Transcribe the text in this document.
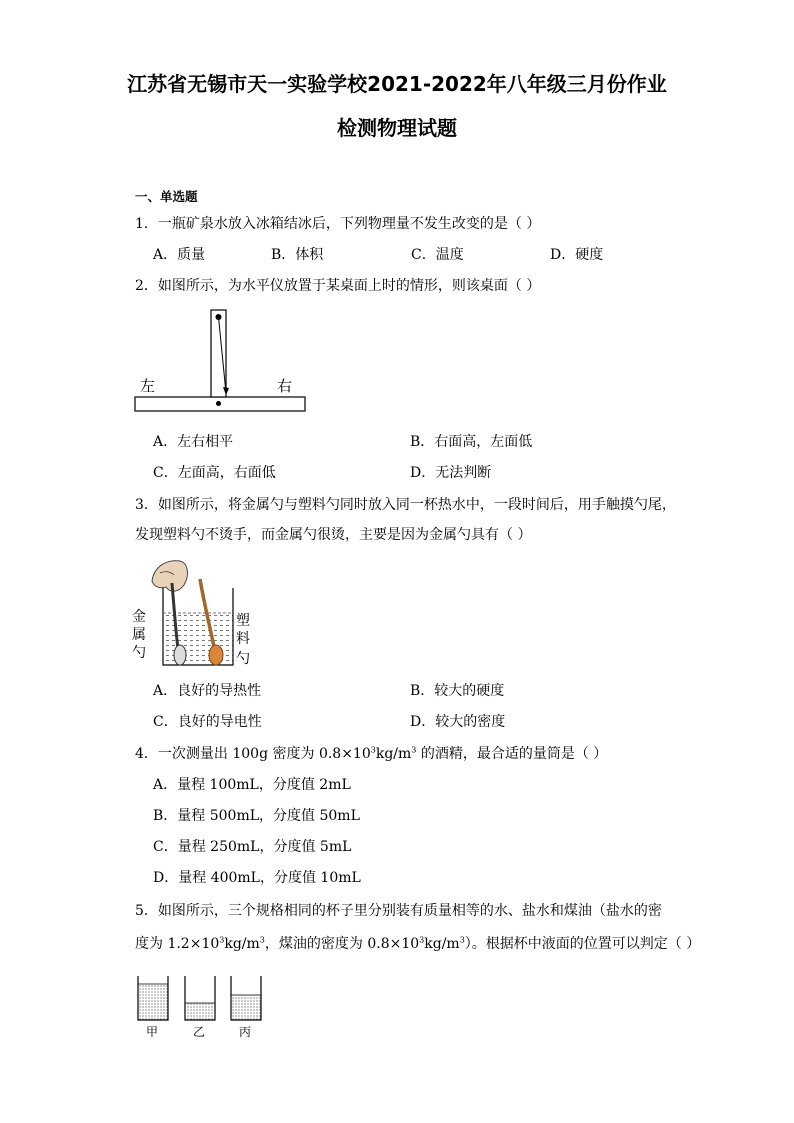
江苏省无锡市天一实验学校2021-2022年八年级三月份作业
检测物理试题
一、单选题
1．一瓶矿泉水放入冰箱结冰后，下列物理量不发生改变的是（ ）
A．质量	B．体积	C．温度	D．硬度
2．如图所示，为水平仪放置于某桌面上时的情形，则该桌面（ ）
左	右
A．左右相平	B．右面高，左面低
C．左面高，右面低	D．无法判断
3．如图所示，将金属勺与塑料勺同时放入同一杯热水中，一段时间后，用手触摸勺尾，
发现塑料勺不烫手，而金属勺很烫，主要是因为金属勺具有（ ）
金
属
勺
塑
料
勺
A．良好的导热性	B．较大的硬度
C．良好的导电性	D．较大的密度
4．一次测量出 100g 密度为 $0.8\times 10^3kg/m^3$ 的酒精，最合适的量筒是（ ）
A．量程 100mL，分度值 2mL
B．量程 500mL，分度值 50mL
C．量程 250mL，分度值 5mL
D．量程 400mL，分度值 10mL
5．如图所示，三个规格相同的杯子里分别装有质量相等的水、盐水和煤油（盐水的密
度为 $1.2\times 10^3kg/m^3$，煤油的密度为 $0.8\times 10^3kg/m^3$）。根据杯中液面的位置可以判定（ ）
甲	乙	丙
